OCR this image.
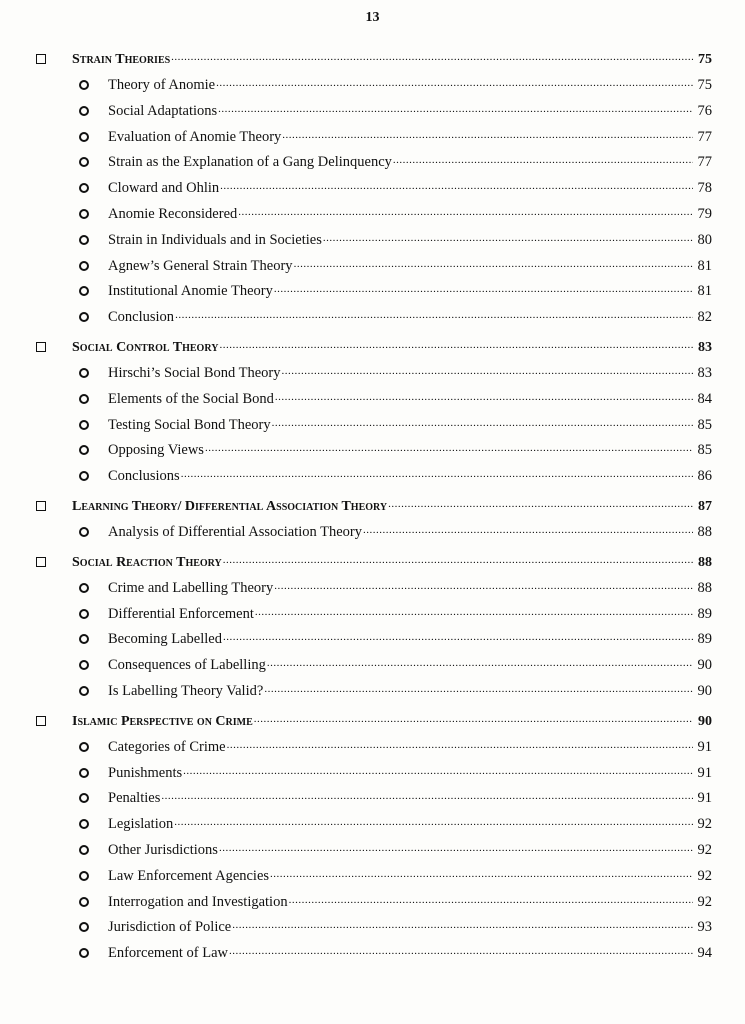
13
Strain Theories .....	75
Theory of Anomie .....	75
Social Adaptations .....	76
Evaluation of Anomie Theory .....	77
Strain as the Explanation of a Gang Delinquency .....	77
Cloward and Ohlin .....	78
Anomie Reconsidered .....	79
Strain in Individuals and in Societies .....	80
Agnew’s General Strain Theory .....	81
Institutional Anomie Theory .....	81
Conclusion .....	82
Social Control Theory .....	83
Hirschi’s Social Bond Theory .....	83
Elements of the Social Bond .....	84
Testing Social Bond Theory .....	85
Opposing Views .....	85
Conclusions .....	86
Learning Theory/ Differential Association Theory .....	87
Analysis of Differential Association Theory .....	88
Social Reaction Theory .....	88
Crime and Labelling Theory .....	88
Differential Enforcement .....	89
Becoming Labelled .....	89
Consequences of Labelling .....	90
Is Labelling Theory Valid? .....	90
Islamic Perspective on Crime .....	90
Categories of Crime .....	91
Punishments .....	91
Penalties .....	91
Legislation .....	92
Other Jurisdictions .....	92
Law Enforcement Agencies .....	92
Interrogation and Investigation .....	92
Jurisdiction of Police .....	93
Enforcement of Law .....	94
